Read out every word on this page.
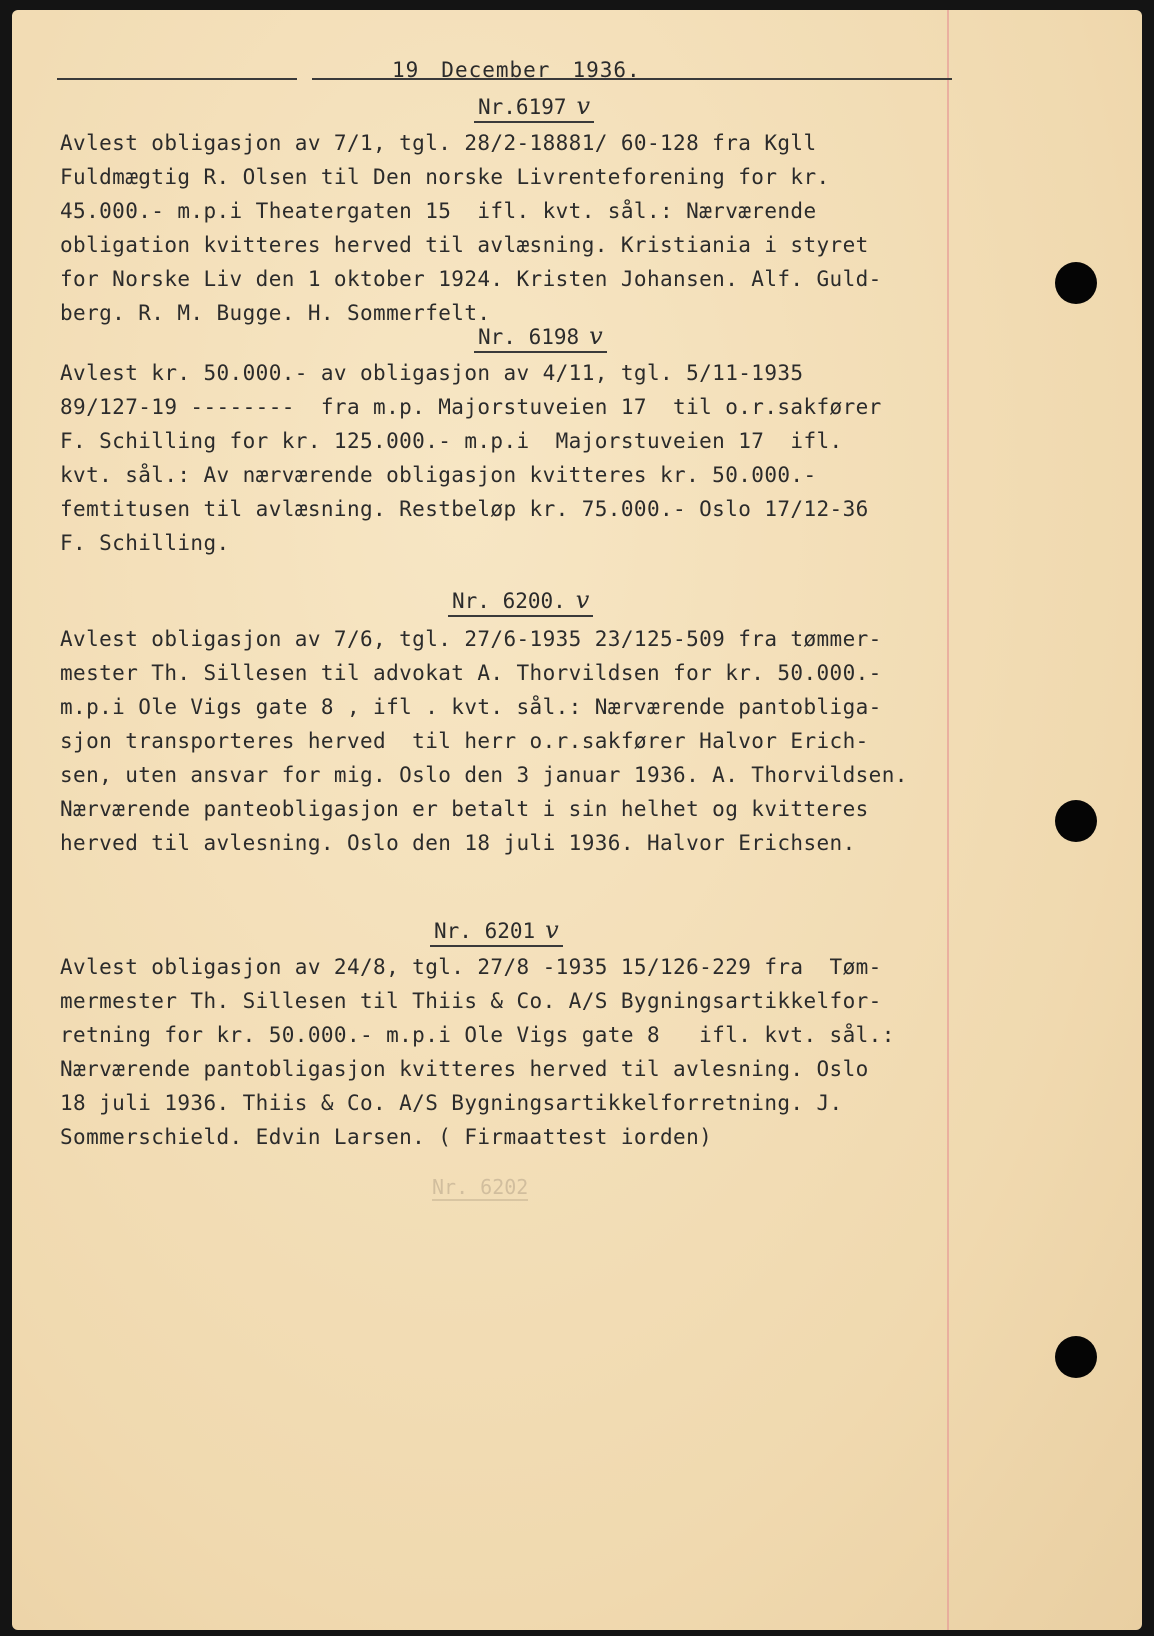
19 December 1936.
Nr.6197 v
Avlest obligasjon av 7/1, tgl. 28/2-18881/ 60-128 fra Kgll
Fuldmægtig R. Olsen til Den norske Livrenteforening for kr.
45.000.- m.p.i Theatergaten 15  ifl. kvt. sål.: Nærværende
obligation kvitteres herved til avlæsning. Kristiania i styret
for Norske Liv den 1 oktober 1924. Kristen Johansen. Alf. Guld-
berg. R. M. Bugge. H. Sommerfelt.
Nr. 6198 v
Avlest kr. 50.000.- av obligasjon av 4/11, tgl. 5/11-1935
89/127-19 --------  fra m.p. Majorstuveien 17  til o.r.sakfører
F. Schilling for kr. 125.000.- m.p.i  Majorstuveien 17  ifl.
kvt. sål.: Av nærværende obligasjon kvitteres kr. 50.000.-
femtitusen til avlæsning. Restbeløp kr. 75.000.- Oslo 17/12-36
F. Schilling.
Nr. 6200. v
Avlest obligasjon av 7/6, tgl. 27/6-1935 23/125-509 fra tømmer-
mester Th. Sillesen til advokat A. Thorvildsen for kr. 50.000.-
m.p.i Ole Vigs gate 8 , ifl . kvt. sål.: Nærværende pantobliga-
sjon transporteres herved  til herr o.r.sakfører Halvor Erich-
sen, uten ansvar for mig. Oslo den 3 januar 1936. A. Thorvildsen.
Nærværende panteobligasjon er betalt i sin helhet og kvitteres
herved til avlesning. Oslo den 18 juli 1936. Halvor Erichsen.
Nr. 6201 v
Avlest obligasjon av 24/8, tgl. 27/8 -1935 15/126-229 fra  Tøm-
mermester Th. Sillesen til Thiis & Co. A/S Bygningsartikkelfor-
retning for kr. 50.000.- m.p.i Ole Vigs gate 8   ifl. kvt. sål.:
Nærværende pantobligasjon kvitteres herved til avlesning. Oslo
18 juli 1936. Thiis & Co. A/S Bygningsartikkelforretning. J.
Sommerschield. Edvin Larsen. ( Firmaattest iorden)
Nr. 6202
